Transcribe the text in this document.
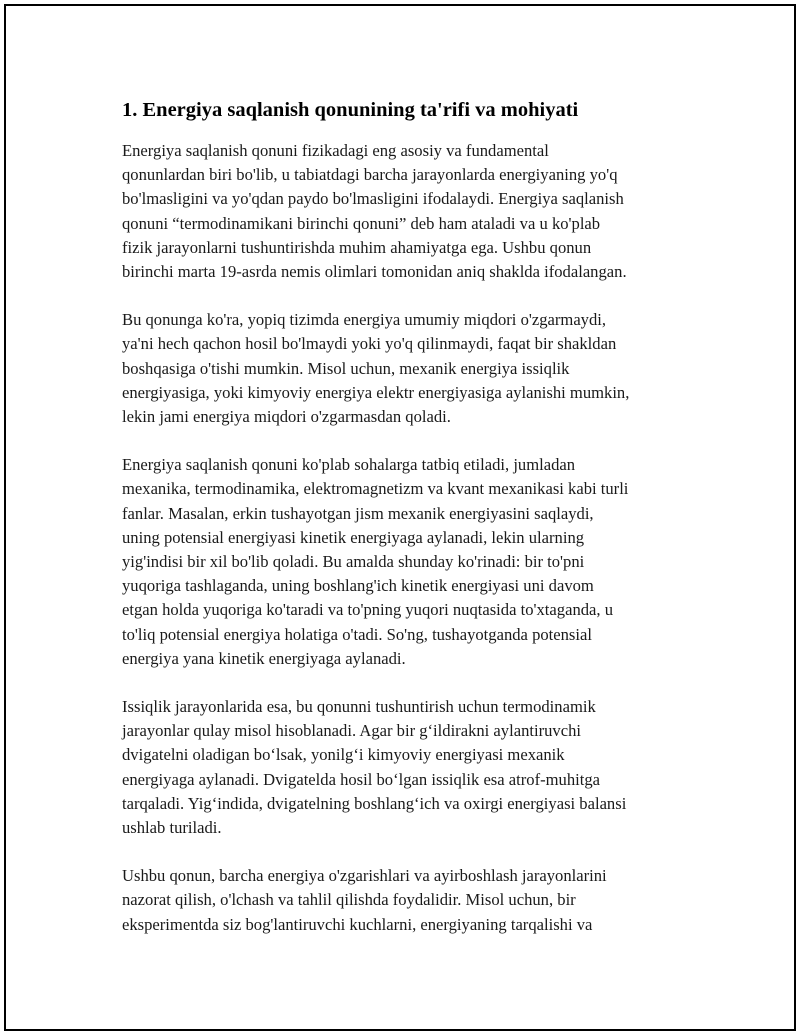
1. Energiya saqlanish qonunining ta'rifi va mohiyati

Energiya saqlanish qonuni fizikadagi eng asosiy va fundamental
qonunlardan biri bo'lib, u tabiatdagi barcha jarayonlarda energiyaning yo'q
bo'lmasligini va yo'qdan paydo bo'lmasligini ifodalaydi. Energiya saqlanish
qonuni “termodinamikani birinchi qonuni” deb ham ataladi va u ko'plab
fizik jarayonlarni tushuntirishda muhim ahamiyatga ega. Ushbu qonun
birinchi marta 19-asrda nemis olimlari tomonidan aniq shaklda ifodalangan.

Bu qonunga ko'ra, yopiq tizimda energiya umumiy miqdori o'zgarmaydi,
ya'ni hech qachon hosil bo'lmaydi yoki yo'q qilinmaydi, faqat bir shakldan
boshqasiga o'tishi mumkin. Misol uchun, mexanik energiya issiqlik
energiyasiga, yoki kimyoviy energiya elektr energiyasiga aylanishi mumkin,
lekin jami energiya miqdori o'zgarmasdan qoladi.

Energiya saqlanish qonuni ko'plab sohalarga tatbiq etiladi, jumladan
mexanika, termodinamika, elektromagnetizm va kvant mexanikasi kabi turli
fanlar. Masalan, erkin tushayotgan jism mexanik energiyasini saqlaydi,
uning potensial energiyasi kinetik energiyaga aylanadi, lekin ularning
yig'indisi bir xil bo'lib qoladi. Bu amalda shunday ko'rinadi: bir to'pni
yuqoriga tashlaganda, uning boshlang'ich kinetik energiyasi uni davom
etgan holda yuqoriga ko'taradi va to'pning yuqori nuqtasida to'xtaganda, u
to'liq potensial energiya holatiga o'tadi. So'ng, tushayotganda potensial
energiya yana kinetik energiyaga aylanadi.

Issiqlik jarayonlarida esa, bu qonunni tushuntirish uchun termodinamik
jarayonlar qulay misol hisoblanadi. Agar bir g‘ildirakni aylantiruvchi
dvigatelni oladigan bo‘lsak, yonilg‘i kimyoviy energiyasi mexanik
energiyaga aylanadi. Dvigatelda hosil bo‘lgan issiqlik esa atrof-muhitga
tarqaladi. Yig‘indida, dvigatelning boshlang‘ich va oxirgi energiyasi balansi
ushlab turiladi.

Ushbu qonun, barcha energiya o'zgarishlari va ayirboshlash jarayonlarini
nazorat qilish, o'lchash va tahlil qilishda foydalidir. Misol uchun, bir
eksperimentda siz bog'lantiruvchi kuchlarni, energiyaning tarqalishi va
